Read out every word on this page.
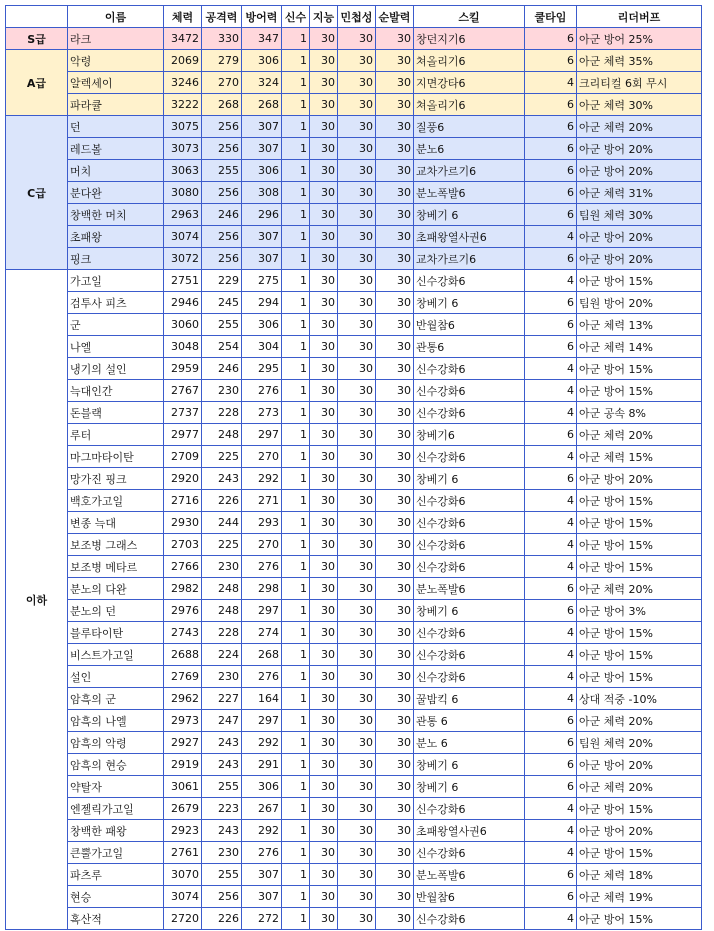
	이름	체력	공격력	방어력	신수	지능	민첩성	순발력	스킬	쿨타임	리더버프
S급	라크	3472	330	347	1	30	30	30	창던지기6	6	아군 방어 25%
A급	악령	2069	279	306	1	30	30	30	쳐올리기6	6	아군 체력 35%
	알렉세이	3246	270	324	1	30	30	30	지면강타6	4	크리티컬 6회 무시
	파라큘	3222	268	268	1	30	30	30	쳐올리기6	6	아군 체력 30%
C급	던	3075	256	307	1	30	30	30	질풍6	6	아군 체력 20%
	레드볼	3073	256	307	1	30	30	30	분노6	6	아군 방어 20%
	머치	3063	255	306	1	30	30	30	교차가르기6	6	아군 방어 20%
	분다완	3080	256	308	1	30	30	30	분노폭발6	6	아군 체력 31%
	창백한 머치	2963	246	296	1	30	30	30	창베기 6	6	팀원 체력 30%
	초패왕	3074	256	307	1	30	30	30	초패왕열사권6	4	아군 방어 20%
	핑크	3072	256	307	1	30	30	30	교차가르기6	6	아군 방어 20%
이하	가고일	2751	229	275	1	30	30	30	신수강화6	4	아군 방어 15%
	검투사 피츠	2946	245	294	1	30	30	30	창베기 6	6	팀원 방어 20%
	군	3060	255	306	1	30	30	30	반월참6	6	아군 체력 13%
	나엘	3048	254	304	1	30	30	30	관통6	6	아군 체력 14%
	냉기의 설인	2959	246	295	1	30	30	30	신수강화6	4	아군 방어 15%
	늑대인간	2767	230	276	1	30	30	30	신수강화6	4	아군 방어 15%
	돈블랙	2737	228	273	1	30	30	30	신수강화6	4	아군 공속 8%
	루터	2977	248	297	1	30	30	30	창베기6	6	아군 체력 20%
	마그마타이탄	2709	225	270	1	30	30	30	신수강화6	4	아군 체력 15%
	망가진 핑크	2920	243	292	1	30	30	30	창베기 6	6	아군 방어 20%
	백호가고일	2716	226	271	1	30	30	30	신수강화6	4	아군 방어 15%
	변종 늑대	2930	244	293	1	30	30	30	신수강화6	4	아군 방어 15%
	보조병 그래스	2703	225	270	1	30	30	30	신수강화6	4	아군 방어 15%
	보조병 메타르	2766	230	276	1	30	30	30	신수강화6	4	아군 방어 15%
	분노의 다완	2982	248	298	1	30	30	30	분노폭발6	6	아군 체력 20%
	분노의 던	2976	248	297	1	30	30	30	창베기 6	6	아군 방어 3%
	블루타이탄	2743	228	274	1	30	30	30	신수강화6	4	아군 방어 15%
	비스트가고일	2688	224	268	1	30	30	30	신수강화6	4	아군 방어 15%
	설인	2769	230	276	1	30	30	30	신수강화6	4	아군 방어 15%
	암흑의 군	2962	227	164	1	30	30	30	꿀밤킥 6	4	상대 적중 -10%
	암흑의 나엘	2973	247	297	1	30	30	30	관통 6	6	아군 체력 20%
	암흑의 악령	2927	243	292	1	30	30	30	분노 6	6	팀원 체력 20%
	암흑의 현승	2919	243	291	1	30	30	30	창베기 6	6	아군 방어 20%
	약탈자	3061	255	306	1	30	30	30	창베기 6	6	아군 체력 20%
	엔젤릭가고일	2679	223	267	1	30	30	30	신수강화6	4	아군 방어 15%
	창백한 패왕	2923	243	292	1	30	30	30	초패왕열사권6	4	아군 방어 20%
	큰뿔가고일	2761	230	276	1	30	30	30	신수강화6	4	아군 방어 15%
	파츠루	3070	255	307	1	30	30	30	분노폭발6	6	아군 체력 18%
	현승	3074	256	307	1	30	30	30	반월참6	6	아군 체력 19%
	혹산적	2720	226	272	1	30	30	30	신수강화6	4	아군 방어 15%
